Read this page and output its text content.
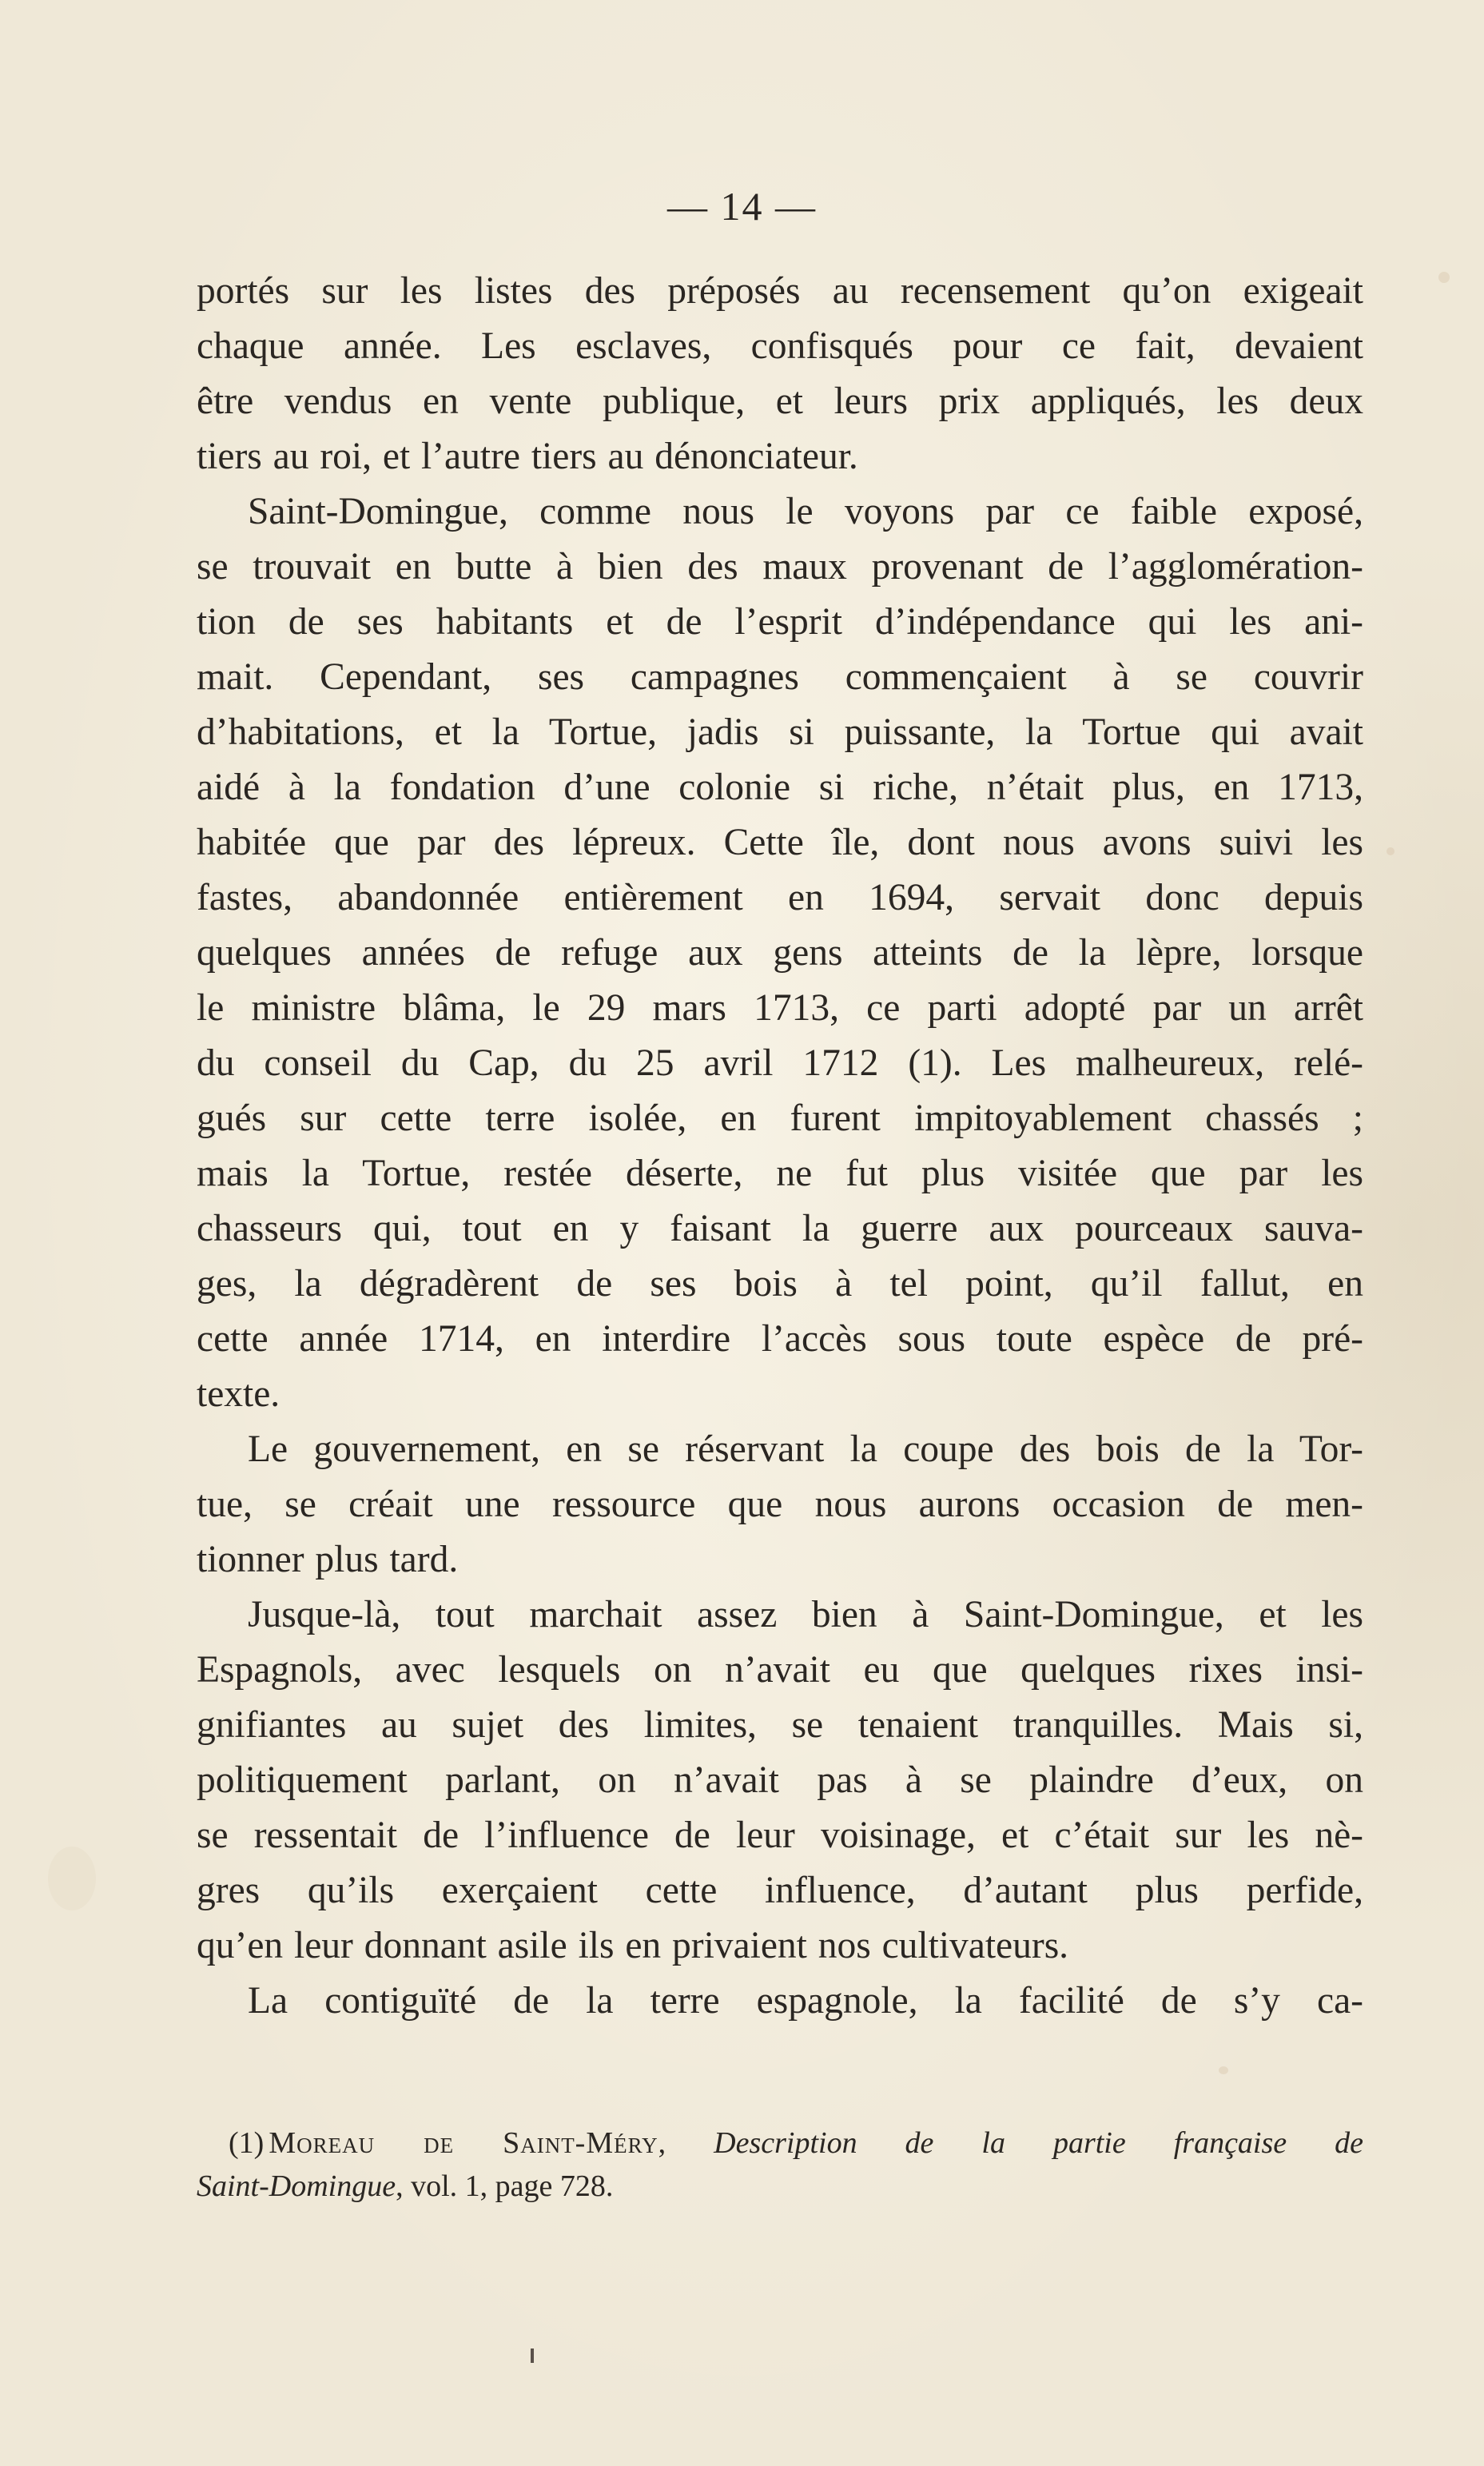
— 14 —
portés sur les listes des préposés au recensement qu’on exigeait
chaque année. Les esclaves, confisqués pour ce fait, devaient
être vendus en vente publique, et leurs prix appliqués, les deux
tiers au roi, et l’autre tiers au dénonciateur.
Saint-Domingue, comme nous le voyons par ce faible exposé,
se trouvait en butte à bien des maux provenant de l’agglomération-
tion de ses habitants et de l’esprit d’indépendance qui les ani-
mait. Cependant, ses campagnes commençaient à se couvrir
d’habitations, et la Tortue, jadis si puissante, la Tortue qui avait
aidé à la fondation d’une colonie si riche, n’était plus, en 1713,
habitée que par des lépreux. Cette île, dont nous avons suivi les
fastes, abandonnée entièrement en 1694, servait donc depuis
quelques années de refuge aux gens atteints de la lèpre, lorsque
le ministre blâma, le 29 mars 1713, ce parti adopté par un arrêt
du conseil du Cap, du 25 avril 1712 (1). Les malheureux, relé-
gués sur cette terre isolée, en furent impitoyablement chassés ;
mais la Tortue, restée déserte, ne fut plus visitée que par les
chasseurs qui, tout en y faisant la guerre aux pourceaux sauva-
ges, la dégradèrent de ses bois à tel point, qu’il fallut, en
cette année 1714, en interdire l’accès sous toute espèce de pré-
texte.
Le gouvernement, en se réservant la coupe des bois de la Tor-
tue, se créait une ressource que nous aurons occasion de men-
tionner plus tard.
Jusque-là, tout marchait assez bien à Saint-Domingue, et les
Espagnols, avec lesquels on n’avait eu que quelques rixes insi-
gnifiantes au sujet des limites, se tenaient tranquilles. Mais si,
politiquement parlant, on n’avait pas à se plaindre d’eux, on
se ressentait de l’influence de leur voisinage, et c’était sur les nè-
gres qu’ils exerçaient cette influence, d’autant plus perfide,
qu’en leur donnant asile ils en privaient nos cultivateurs.
La contiguïté de la terre espagnole, la facilité de s’y ca-
(1) Moreau de Saint-Méry, Description de la partie française de
Saint-Domingue, vol. 1, page 728.
